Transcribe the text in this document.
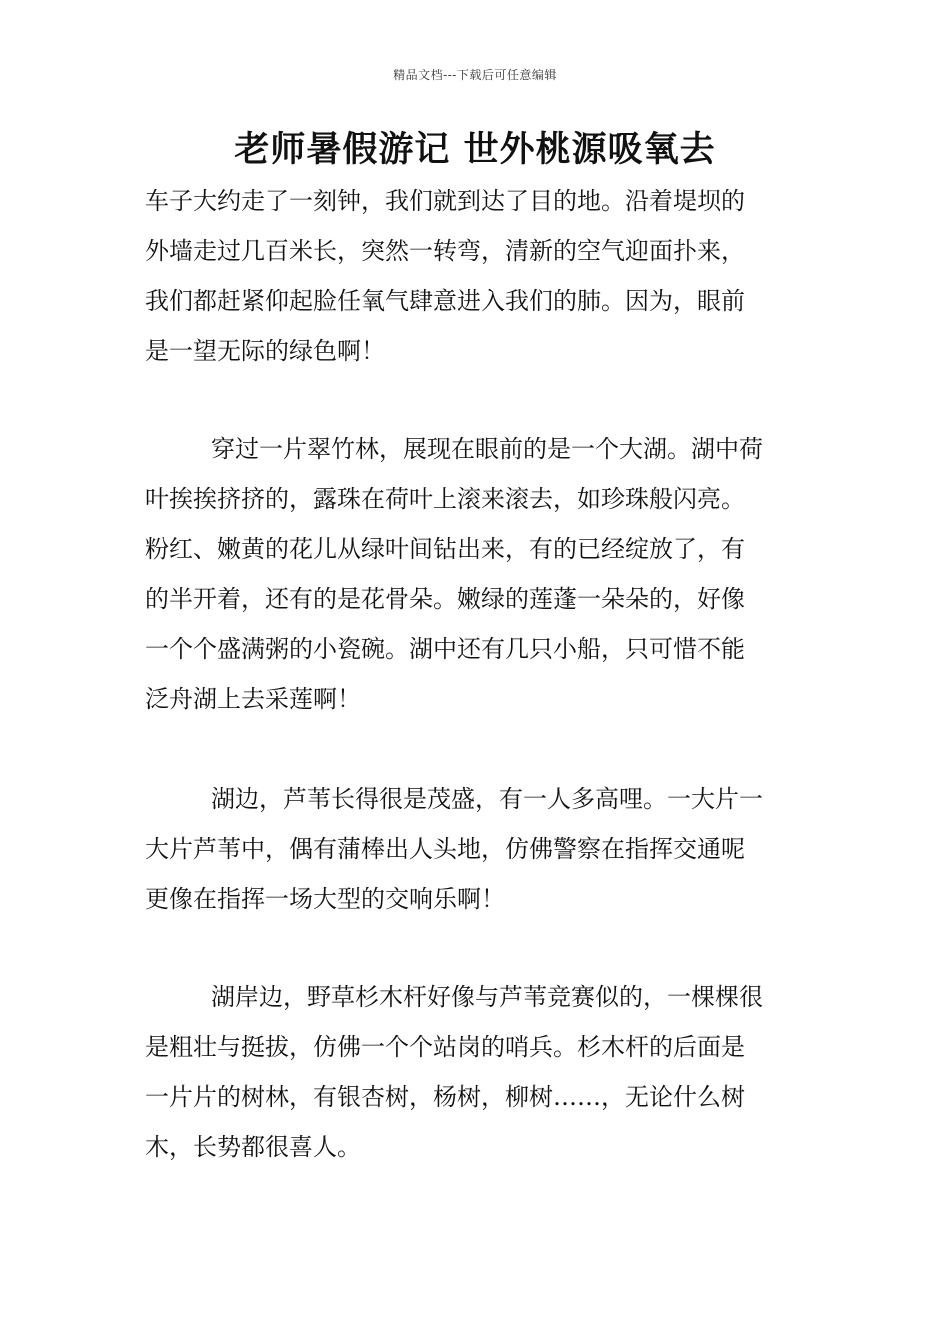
精品文档---下载后可任意编辑
老师暑假游记 世外桃源吸氧去

车子大约走了一刻钟，我们就到达了目的地。沿着堤坝的
外墙走过几百米长，突然一转弯，清新的空气迎面扑来，
我们都赶紧仰起脸任氧气肆意进入我们的肺。因为，眼前
是一望无际的绿色啊！

穿过一片翠竹林，展现在眼前的是一个大湖。湖中荷
叶挨挨挤挤的，露珠在荷叶上滚来滚去，如珍珠般闪亮。
粉红、嫩黄的花儿从绿叶间钻出来，有的已经绽放了，有
的半开着，还有的是花骨朵。嫩绿的莲蓬一朵朵的，好像
一个个盛满粥的小瓷碗。湖中还有几只小船，只可惜不能
泛舟湖上去采莲啊！

湖边，芦苇长得很是茂盛，有一人多高哩。一大片一
大片芦苇中，偶有蒲棒出人头地，仿佛警察在指挥交通呢
更像在指挥一场大型的交响乐啊！

湖岸边，野草杉木杆好像与芦苇竞赛似的，一棵棵很
是粗壮与挺拔，仿佛一个个站岗的哨兵。杉木杆的后面是
一片片的树林，有银杏树，杨树，柳树……，无论什么树
木，长势都很喜人。
